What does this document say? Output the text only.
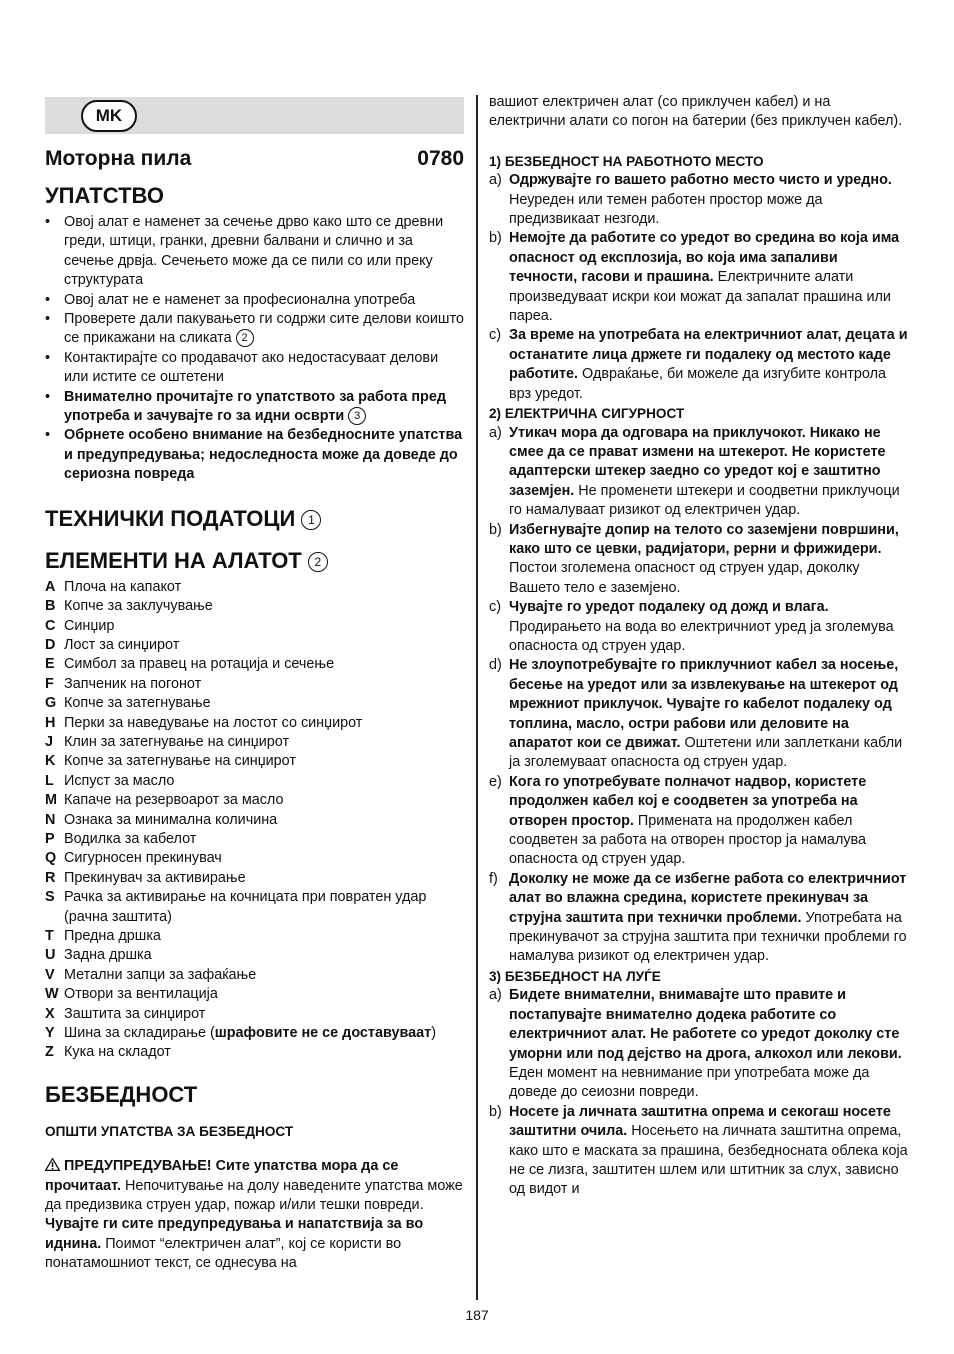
MK
Моторна пила	0780
УПАТСТВО
• Овој алат е наменет за сечење дрво како што се древни греди, штици, гранки, древни балвани и слично и за сечење дрвја. Сечењето може да се пили со или преку структурата
• Овој алат не е наменет за професионална употреба
• Проверете дали пакувањето ги содржи сите делови коишто се прикажани на сликата 2
• Контактирајте со продавачот ако недостасуваат делови или истите се оштетени
• Внимателно прочитајте го упатството за работа пред употреба и зачувајте го за идни осврти 3
• Обрнете особено внимание на безбедносните упатства и предупредувања; недоследноста може да доведе до сериозна повреда
ТЕХНИЧКИ ПОДАТОЦИ 1
ЕЛЕМЕНТИ НА АЛАТОТ 2
A Плоча на капакот
B Копче за заклучување
C Синџир
D Лост за синџирот
E Симбол за правец на ротација и сечење
F Запченик на погонот
G Копче за затегнување
H Перки за наведување на лостот со синџирот
J Клин за затегнување на синџирот
K Копче за затегнување на синџирот
L Испуст за масло
M Капаче на резервоарот за масло
N Ознака за минимална количина
P Водилка за кабелот
Q Сигурносен прекинувач
R Прекинувач за активирање
S Рачка за активирање на кочницата при повратен удар (рачна заштита)
T Предна дршка
U Задна дршка
V Метални запци за зафаќање
W Отвори за вентилација
X Заштита за синџирот
Y Шина за складирање (шрафовите не се доставуваат)
Z Кука на складот
БЕЗБЕДНОСТ

ОПШТИ УПАТСТВА ЗА БЕЗБЕДНОСТ

ПРЕДУПРЕДУВАЊЕ! Сите упатства мора да се прочитаат. Непочитувањe на долу наведените упатства може да предизвика струен удар, пожар и/или тешки повреди. Чувајте ги сите предупредувања и напатствија за во иднина. Поимот “електричен алат”, кој се користи во понатамошниот текст, се однесува на

вашиот електричен алат (со приклучен кабел) и на електрични алати со погон на батерии (без приклучен кабел).

1) БЕЗБЕДНОСТ НА РАБОТНОТО МЕСТО

a) Одржувајте го вашето работно место чисто и уредно. Неуреден или темен работен простор може да предизвикаат незгоди.
b) Немојте да работите со уредот во средина во која има опасност од експлозија, во која има запаливи течности, гасови и прашина. Електричните алати произведуваат искри кои можат да запалат прашина или пареа.
c) За време на употребата на електричниот алат, децата и останатите лица држете ги подалеку од местото каде работите. Одвраќање, би можеле да изгубите контрола врз уредот.

2) ЕЛЕКТРИЧНА СИГУРНОСТ

a) Утикач мора да одговара на приклучокот. Никако не смее да се прават измени на штекерот. Не користете адаптерски штекер заедно со уредот кој е заштитно заземјен. Не променети штекери и соодветни приклучоци го намалуваат ризикот од електричен удар.
b) Избегнувајте допир на телото со заземјени површини, како што се цевки, радијатори, рерни и фрижидери. Постои зголемена опасност од струен удар, доколку Вашето тело е заземјено.
c) Чувајте го уредот подалеку од дожд и влага. Продирањето на вода во електричниот уред ја зголемува опасноста од струен удар.
d) Не злоупотребувајте го приклучниот кабел за носење, бесење на уредот или за извлекување на штекерот од мрежниот приклучок. Чувајте го кабелот подалеку од топлина, масло, остри рабови или деловите на апаратот кои се движат. Оштетени или заплеткани кабли ја зголемуваат опасноста од струен удар.
e) Кога го употребувате полначот надвор, користете продолжен кабел кој е соодветен за употреба на отворен простор. Примената на продолжен кабел соодветен за работа на отворен простор ја намалува опасноста од струен удар.
f) Доколку не може да се избегне работа со електричниот алат во влажна средина, користете прекинувач за струјна заштита при технички проблеми. Употребата на прекинувачот за струјна заштита при технички проблеми го намалува ризикот од електричен удар.

3) БЕЗБЕДНОСТ НА ЛУЃЕ

a) Бидете внимателни, внимавајте што правите и постапувајте внимателно додека работите со електричниот алат. Не работете со уредот доколку сте уморни или под дејство на дрога, алкохол или лекови. Еден момент на невнимание при употребата може да доведе до сеиозни повреди.
b) Носете ја личната заштитна опрема и секогаш носете заштитни очила. Носењето на личната заштитна опрема, како што е маската за прашина, безбедносната облека која не се лизга, заштитен шлем или штитник за слух, зависно од видот и
187
